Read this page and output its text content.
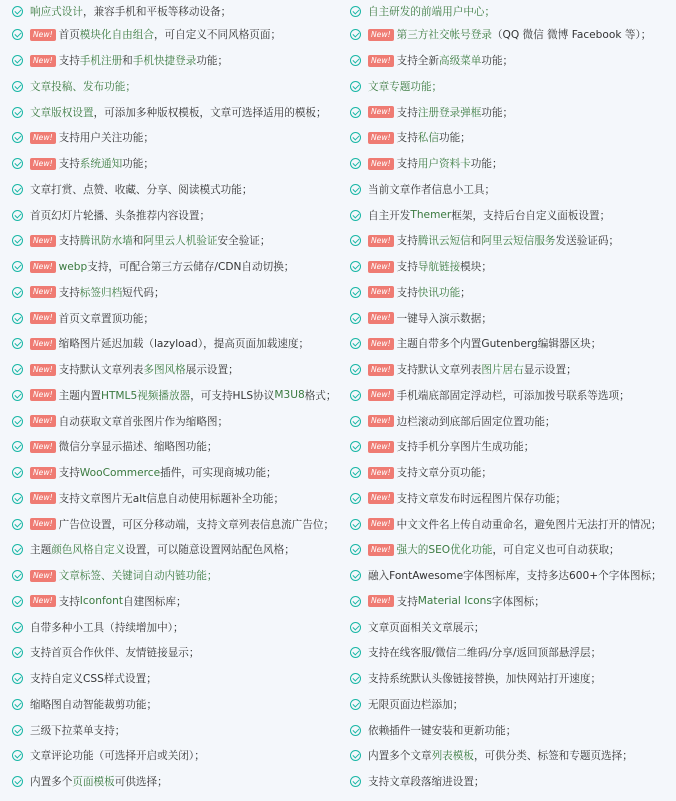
响应式设计 ，兼容手机和平板等移动设备；
New! 首页 模块化自由组合 ，可自定义不同风格页面；
New! 支持 手机注册 和 手机快捷登录 功能；
文章投稿、发布功能；
文章版权设置 ，可添加多种版权模板，文章可选择适用的模板；
New! 支持用户关注功能；
New! 支持 系统通知 功能；
文章打赏、点赞、收藏、分享、阅读模式功能；
首页幻灯片轮播、头条推荐内容设置；
New! 支持 腾讯防水墙 和 阿里云人机验证 安全验证；
New! webp 支持，可配合第三方云储存/CDN自动切换；
New! 支持 标签归档 短代码；
New! 首页文章置顶功能；
New! 缩略图片延迟加载（lazyload），提高页面加载速度；
New! 支持默认文章列表 多图风格 展示设置；
New! 主题内置 HTML5视频播放器 ，可支持HLS协议 M3U8 格式；
New! 自动获取文章首张图片作为缩略图；
New! 微信分享显示描述、缩略图功能；
New! 支持 WooCommerce 插件，可实现商城功能；
New! 支持文章图片无alt信息自动使用标题补全功能；
New! 广告位设置，可区分移动端，支持文章列表信息流广告位；
主题 颜色风格自定义 设置，可以随意设置网站配色风格；
New! 文章标签、关键词自动内链功能；
New! 支持 Iconfont 自建图标库；
自带多种小工具（持续增加中）；
支持首页合作伙伴、友情链接显示；
支持自定义CSS样式设置；
缩略图自动智能裁剪功能；
三级下拉菜单支持；
文章评论功能（可选择开启或关闭）；
内置多个 页面模板 可供选择；
自主研发的前端用户中心；
New! 第三方社交帐号登录 （QQ 微信 微博 Facebook 等）；
New! 支持全新 高级菜单 功能；
文章专题功能；
New! 支持 注册登录弹框 功能；
New! 支持 私信 功能；
New! 支持 用户资料卡 功能；
当前文章作者信息小工具；
自主开发 Themer 框架，支持后台自定义面板设置；
New! 支持 腾讯云短信 和 阿里云短信服务 发送验证码；
New! 支持 导航链接 模块；
New! 支持 快讯功能 ；
New! 一键导入演示数据；
New! 主题自带多个内置Gutenberg编辑器区块；
New! 支持默认文章列表 图片居右 显示设置；
New! 手机端底部固定浮动栏，可添加拨号联系等选项；
New! 边栏滚动到底部后固定位置功能；
New! 支持手机分享图片生成功能；
New! 支持文章分页功能；
New! 支持文章发布时远程图片保存功能；
New! 中文文件名上传自动重命名，避免图片无法打开的情况；
New! 强大的SEO优化功能 ，可自定义也可自动获取；
融入FontAwesome字体图标库，支持多达600+个字体图标；
New! 支持 Material Icons 字体图标；
文章页面相关文章展示；
支持在线客服/微信二维码/分享/返回顶部悬浮层；
支持系统默认头像链接替换，加快网站打开速度；
无限页面边栏添加；
依赖插件一键安装和更新功能；
内置多个文章 列表模板 ，可供分类、标签和专题页选择；
支持文章段落缩进设置；
